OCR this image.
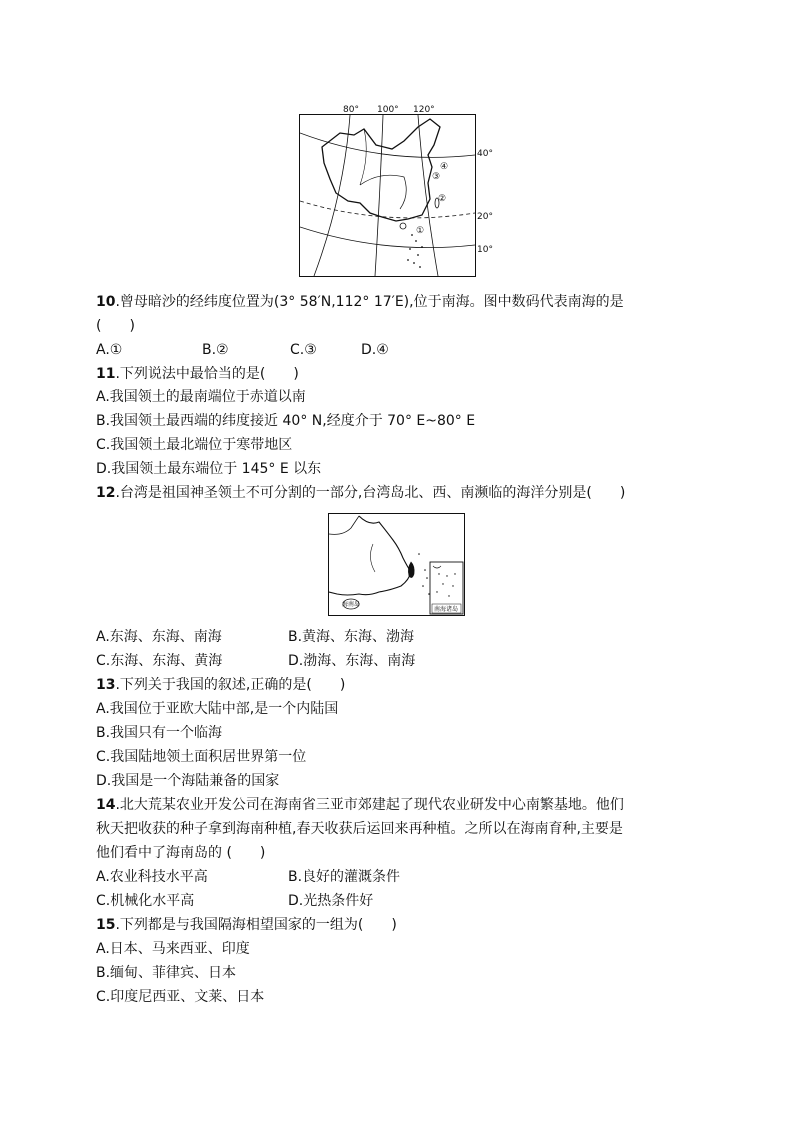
④
③
②
①
80° 100° 120°
40°
20°
10°
10.曾母暗沙的经纬度位置为(3° 58′N,112° 17′E),位于南海。图中数码代表南海的是
(　　)
A.①	B.②	C.③	D.④
11.下列说法中最恰当的是(　　)
A.我国领土的最南端位于赤道以南
B.我国领土最西端的纬度接近 40° N,经度介于 70° E~80° E
C.我国领土最北端位于寒带地区
D.我国领土最东端位于 145° E 以东
12.台湾是祖国神圣领土不可分割的一部分,台湾岛北、西、南濒临的海洋分别是(　　)
海南岛
南海诸岛
A.东海、东海、南海	B.黄海、东海、渤海
C.东海、东海、黄海	D.渤海、东海、南海
13.下列关于我国的叙述,正确的是(　　)
A.我国位于亚欧大陆中部,是一个内陆国
B.我国只有一个临海
C.我国陆地领土面积居世界第一位
D.我国是一个海陆兼备的国家
14.北大荒某农业开发公司在海南省三亚市郊建起了现代农业研发中心南繁基地。他们
秋天把收获的种子拿到海南种植,春天收获后运回来再种植。之所以在海南育种,主要是
他们看中了海南岛的 (　　)
A.农业科技水平高	B.良好的灌溉条件
C.机械化水平高	D.光热条件好
15.下列都是与我国隔海相望国家的一组为(　　)
A.日本、马来西亚、印度
B.缅甸、菲律宾、日本
C.印度尼西亚、文莱、日本
